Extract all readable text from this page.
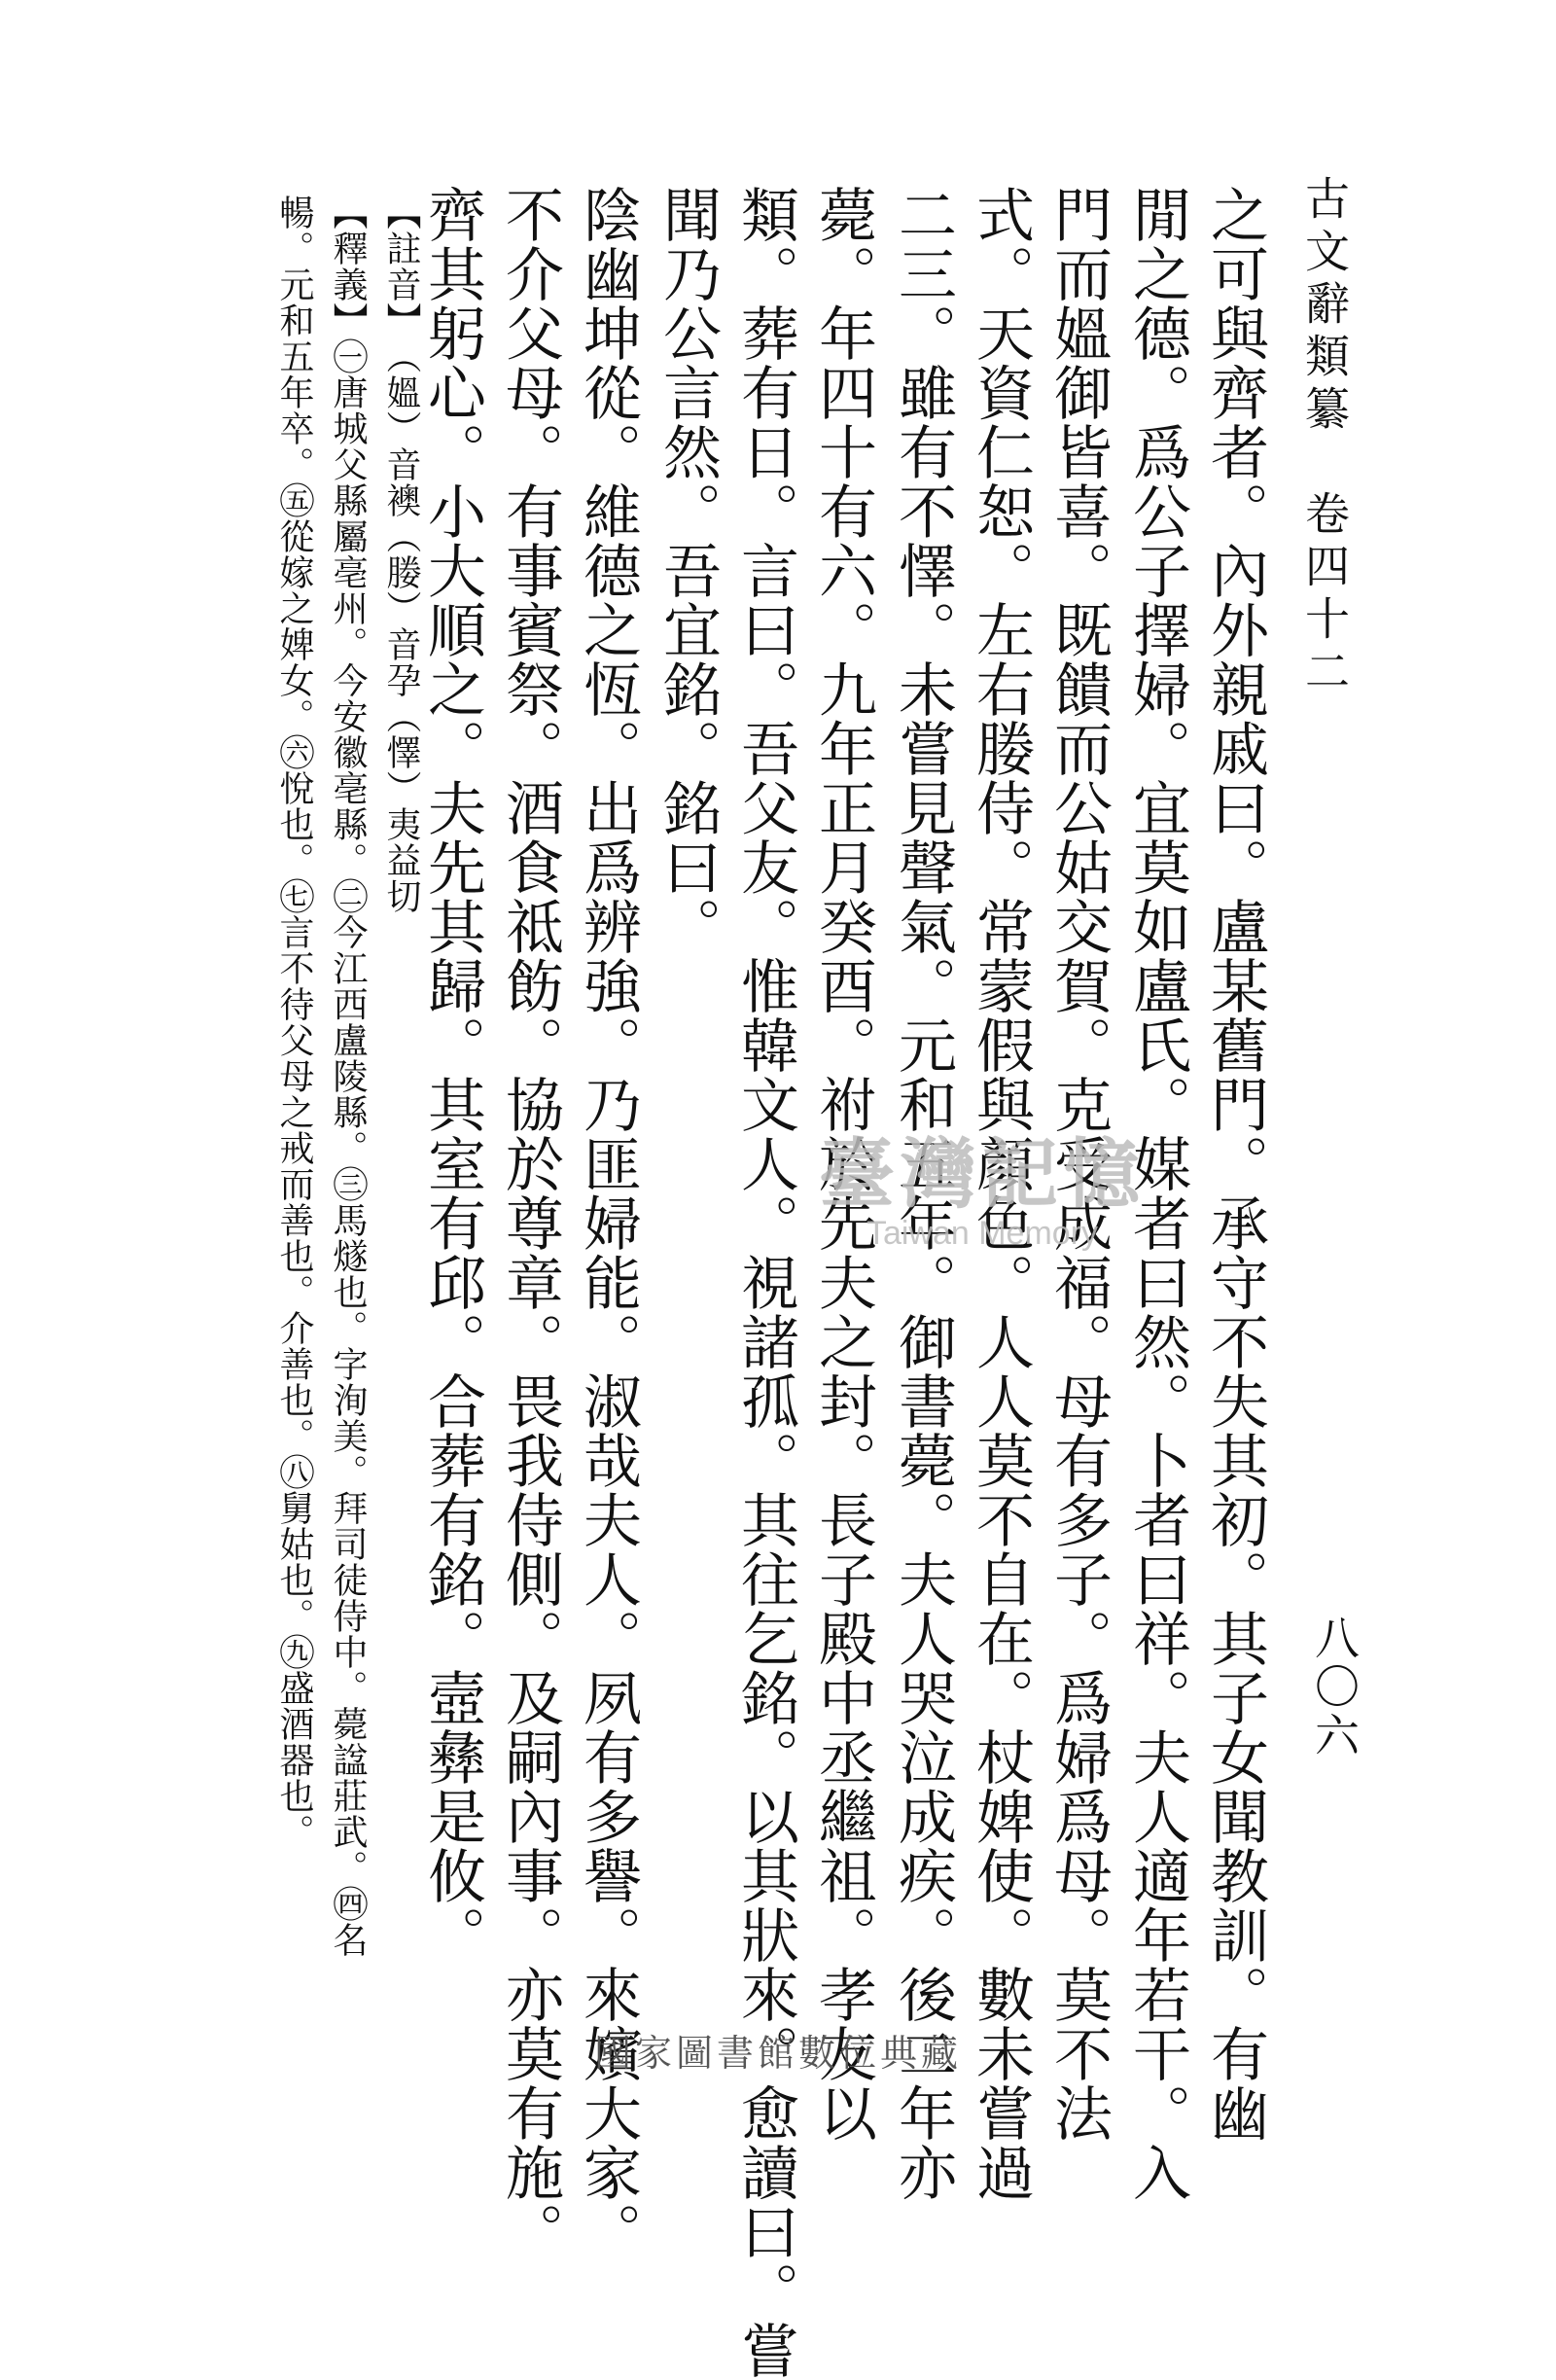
古文辭類纂　卷四十二
八〇六
之可與齊者。內外親戚曰。盧某舊門。承守不失其初。其子女聞教訓。有幽
閒之德。爲公子擇婦。宜莫如盧氏。媒者曰然。卜者曰祥。夫人適年若干。入
門而媼御皆喜。既饋而公姑交賀。克受成福。母有多子。爲婦爲母。莫不法
式。天資仁恕。左右媵侍。常蒙假與顏色。人人莫不自在。杖婢使。數未嘗過
二三。雖有不懌。未嘗見聲氣。元和五年。御書薨。夫人哭泣成疾。後二年亦
薨。年四十有六。九年正月癸酉。祔於先夫之封。長子殿中丞繼祖。孝友以
類。葬有日。言曰。吾父友。惟韓文人。視諸孤。其往乞銘。以其狀來。愈讀曰。嘗
聞乃公言然。吾宜銘。銘曰。
陰幽坤從。維德之恆。出爲辨強。乃匪婦能。淑哉夫人。夙有多譽。來嬪大家。
不介父母。有事賓祭。酒食祗飭。協於尊章。畏我侍側。及嗣內事。亦莫有施。
齊其躬心。小大順之。夫先其歸。其室有邱。合葬有銘。壼彝是攸。
【註音】（媼）音襖（媵）音孕（懌）夷益切
【釋義】㊀唐城父縣屬亳州。今安徽亳縣。㊁今江西盧陵縣。㊂馬燧也。字洵美。拜司徒侍中。薨諡莊武。㊃名
暢。元和五年卒。㊄從嫁之婢女。㊅悅也。㊆言不待父母之戒而善也。介善也。㊇舅姑也。㊈盛酒器也。	臺灣記憶
Taiwan Memory
國家圖書館數位典藏
